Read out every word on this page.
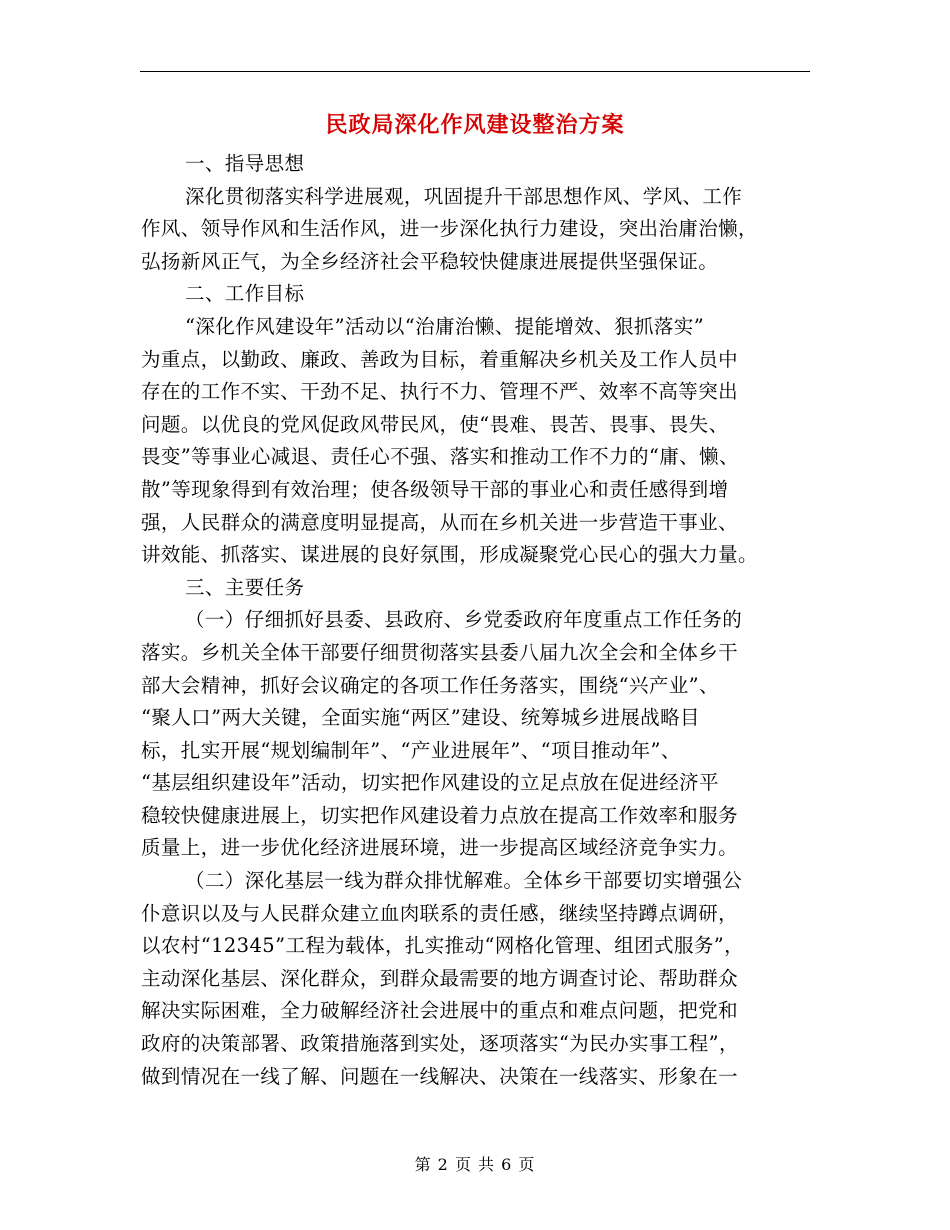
民政局深化作风建设整治方案
一、指导思想
深化贯彻落实科学进展观，巩固提升干部思想作风、学风、工作
作风、领导作风和生活作风，进一步深化执行力建设，突出治庸治懒，
弘扬新风正气，为全乡经济社会平稳较快健康进展提供坚强保证。
二、工作目标
“深化作风建设年”活动以“治庸治懒、提能增效、狠抓落实”
为重点，以勤政、廉政、善政为目标，着重解决乡机关及工作人员中
存在的工作不实、干劲不足、执行不力、管理不严、效率不高等突出
问题。以优良的党风促政风带民风，使“畏难、畏苦、畏事、畏失、
畏变”等事业心减退、责任心不强、落实和推动工作不力的“庸、懒、
散”等现象得到有效治理；使各级领导干部的事业心和责任感得到增
强，人民群众的满意度明显提高，从而在乡机关进一步营造干事业、
讲效能、抓落实、谋进展的良好氛围，形成凝聚党心民心的强大力量。
三、主要任务
（一）仔细抓好县委、县政府、乡党委政府年度重点工作任务的
落实。乡机关全体干部要仔细贯彻落实县委八届九次全会和全体乡干
部大会精神，抓好会议确定的各项工作任务落实，围绕“兴产业”、
“聚人口”两大关键，全面实施“两区”建设、统筹城乡进展战略目
标，扎实开展“规划编制年”、“产业进展年”、“项目推动年”、
“基层组织建设年”活动，切实把作风建设的立足点放在促进经济平
稳较快健康进展上，切实把作风建设着力点放在提高工作效率和服务
质量上，进一步优化经济进展环境，进一步提高区域经济竞争实力。
（二）深化基层一线为群众排忧解难。全体乡干部要切实增强公
仆意识以及与人民群众建立血肉联系的责任感，继续坚持蹲点调研，
以农村“12345”工程为载体，扎实推动“网格化管理、组团式服务”，
主动深化基层、深化群众，到群众最需要的地方调查讨论、帮助群众
解决实际困难，全力破解经济社会进展中的重点和难点问题，把党和
政府的决策部署、政策措施落到实处，逐项落实“为民办实事工程”，
做到情况在一线了解、问题在一线解决、决策在一线落实、形象在一
第 2 页 共 6 页
